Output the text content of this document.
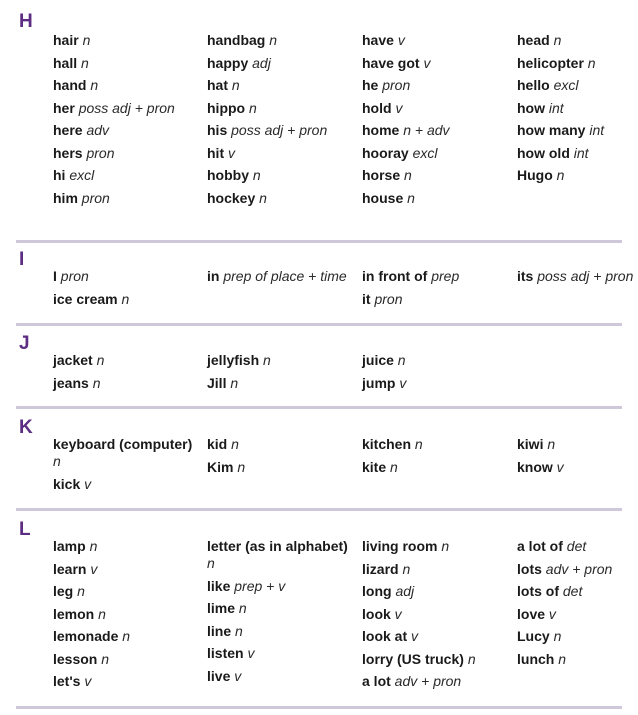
H
hair n
hall n
hand n
her poss adj + pron
here adv
hers pron
hi excl
him pron
handbag n
happy adj
hat n
hippo n
his poss adj + pron
hit v
hobby n
hockey n
have v
have got v
he pron
hold v
home n + adv
hooray excl
horse n
house n
head n
helicopter n
hello excl
how int
how many int
how old int
Hugo n
I
I pron
ice cream n
in prep of place + time	in front of prep
it pron
its poss adj + pron
J
jacket n
jeans n
jellyfish n
Jill n
juice n
jump v
K
keyboard (computer) n
kick v
kid n
Kim n
kitchen n
kite n
kiwi n
know v
L
lamp n
learn v
leg n
lemon n
lemonade n
lesson n
let's v
letter (as in alphabet) n
like prep + v
lime n
line n
listen v
live v
living room n
lizard n
long adj
look v
look at v
lorry (US truck) n
a lot adv + pron
a lot of det
lots adv + pron
lots of det
love v
Lucy n
lunch n
